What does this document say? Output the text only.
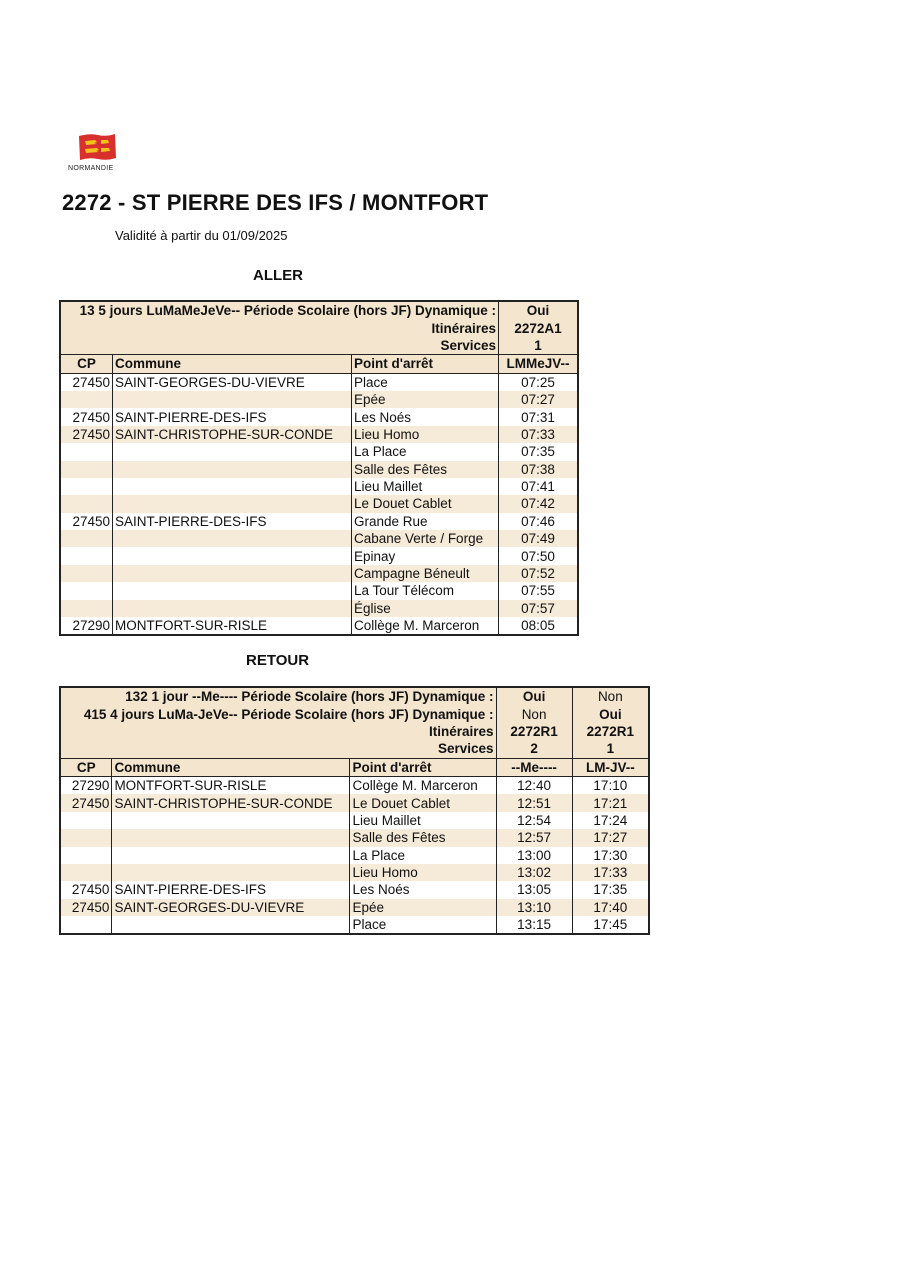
NORMANDIE
2272 - ST PIERRE DES IFS / MONTFORT
Validité à partir du 01/09/2025
ALLER
13 5 jours LuMaMeJeVe-- Période Scolaire (hors JF) Dynamique :			Oui
Itinéraires			2272A1
Services			1
CP	Commune	Point d'arrêt	LMMeJV--
27450	SAINT-GEORGES-DU-VIEVRE	Place	07:25
		Epée	07:27
27450	SAINT-PIERRE-DES-IFS	Les Noés	07:31
27450	SAINT-CHRISTOPHE-SUR-CONDE	Lieu Homo	07:33
		La Place	07:35
		Salle des Fêtes	07:38
		Lieu Maillet	07:41
		Le Douet Cablet	07:42
27450	SAINT-PIERRE-DES-IFS	Grande Rue	07:46
		Cabane Verte / Forge	07:49
		Epinay	07:50
		Campagne Béneult	07:52
		La Tour Télécom	07:55
		Église	07:57
27290	MONTFORT-SUR-RISLE	Collège M. Marceron	08:05
RETOUR
132 1 jour --Me---- Période Scolaire (hors JF) Dynamique :			Oui	Non
415 4 jours LuMa-JeVe-- Période Scolaire (hors JF) Dynamique :			Non	Oui
Itinéraires			2272R1	2272R1
Services			2	1
CP	Commune	Point d'arrêt	--Me----	LM-JV--
27290	MONTFORT-SUR-RISLE	Collège M. Marceron	12:40	17:10
27450	SAINT-CHRISTOPHE-SUR-CONDE	Le Douet Cablet	12:51	17:21
		Lieu Maillet	12:54	17:24
		Salle des Fêtes	12:57	17:27
		La Place	13:00	17:30
		Lieu Homo	13:02	17:33
27450	SAINT-PIERRE-DES-IFS	Les Noés	13:05	17:35
27450	SAINT-GEORGES-DU-VIEVRE	Epée	13:10	17:40
		Place	13:15	17:45
